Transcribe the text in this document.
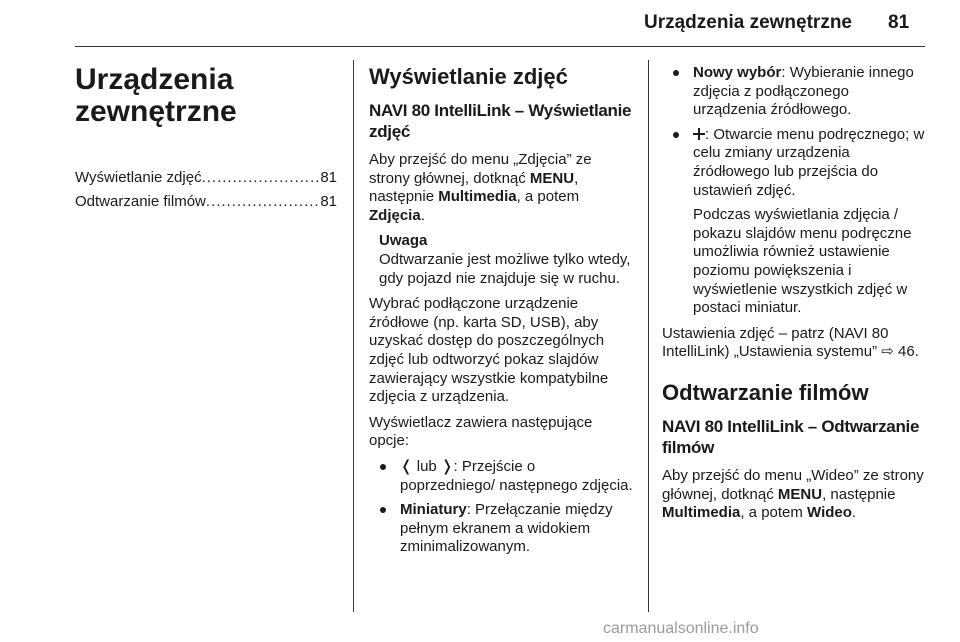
Urządzenia zewnętrzne 81
Urządzenia
zewnętrzne
Wyświetlanie zdjęć .....	81
Odtwarzanie filmów .....	81
Wyświetlanie zdjęć
NAVI 80 IntelliLink – Wyświetlanie zdjęć

Aby przejść do menu „Zdjęcia” ze strony głównej, dotknąć MENU, następnie Multimedia, a potem Zdjęcia.

Uwaga

Odtwarzanie jest możliwe tylko wtedy, gdy pojazd nie znajduje się w ruchu.

Wybrać podłączone urządzenie źródłowe (np. karta SD, USB), aby uzyskać dostęp do poszczególnych zdjęć lub odtworzyć pokaz slajdów zawierający wszystkie kompatybilne zdjęcia z urządzenia.

Wyświetlacz zawiera następujące opcje:

❬ lub ❭: Przejście o poprzedniego/ następnego zdjęcia.
Miniatury: Przełączanie między pełnym ekranem a widokiem zminimalizowanym.
Nowy wybór: Wybieranie innego zdjęcia z podłączonego urządzenia źródłowego.
: Otwarcie menu podręcznego; w celu zmiany urządzenia źródłowego lub przejścia do ustawień zdjęć.
Podczas wyświetlania zdjęcia / pokazu slajdów menu podręczne umożliwia również ustawienie poziomu powiększenia i wyświetlenie wszystkich zdjęć w postaci miniatur.

Ustawienia zdjęć – patrz (NAVI 80 IntelliLink) „Ustawienia systemu” ⇨ 46.

Odtwarzanie filmów
NAVI 80 IntelliLink – Odtwarzanie filmów

Aby przejść do menu „Wideo” ze strony głównej, dotknąć MENU, następnie Multimedia, a potem Wideo.

carmanualsonline.info
